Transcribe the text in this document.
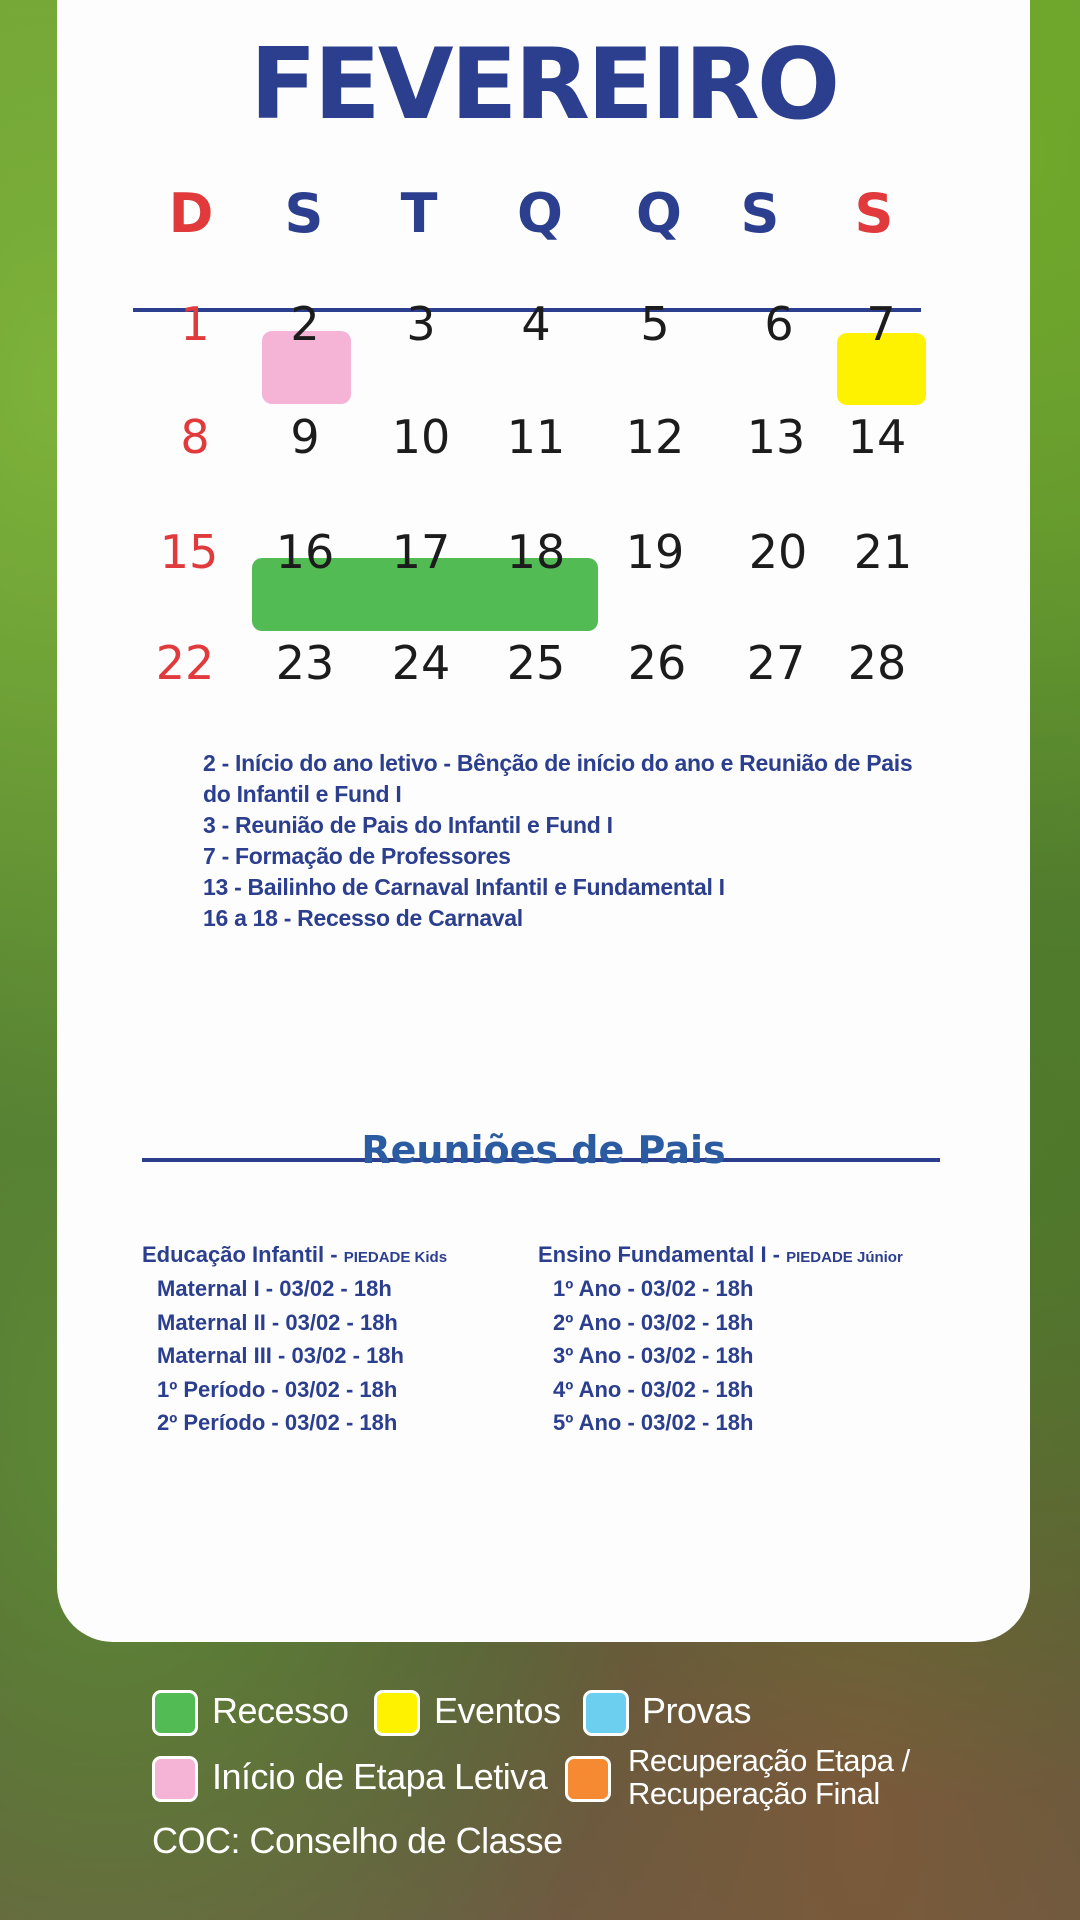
FEVEREIRO
D	S	T	Q	Q	S	S
1	2	3	4	5	6	7
8	9	10	11	12	13 14
15	16	17	18	19	20	21
22	23	24	25	26	27 28
2 - Início do ano letivo - Bênção de início do ano e Reunião de Pais
do Infantil e Fund I
3 - Reunião de Pais do Infantil e Fund I
7 - Formação de Professores
13 - Bailinho de Carnaval Infantil e Fundamental I
16 a 18 - Recesso de Carnaval
Reuniões de Pais
Educação Infantil - PIEDADE Kids
Maternal I - 03/02 - 18h
Maternal II - 03/02 - 18h
Maternal III - 03/02 - 18h
1º Período - 03/02 - 18h
2º Período - 03/02 - 18h
Ensino Fundamental I - PIEDADE Júnior
1º Ano - 03/02 - 18h
2º Ano - 03/02 - 18h
3º Ano - 03/02 - 18h
4º Ano - 03/02 - 18h
5º Ano - 03/02 - 18h
Recesso Eventos Provas
Início de Etapa Letiva	Recuperação Etapa /
Recuperação Final
COC: Conselho de Classe
